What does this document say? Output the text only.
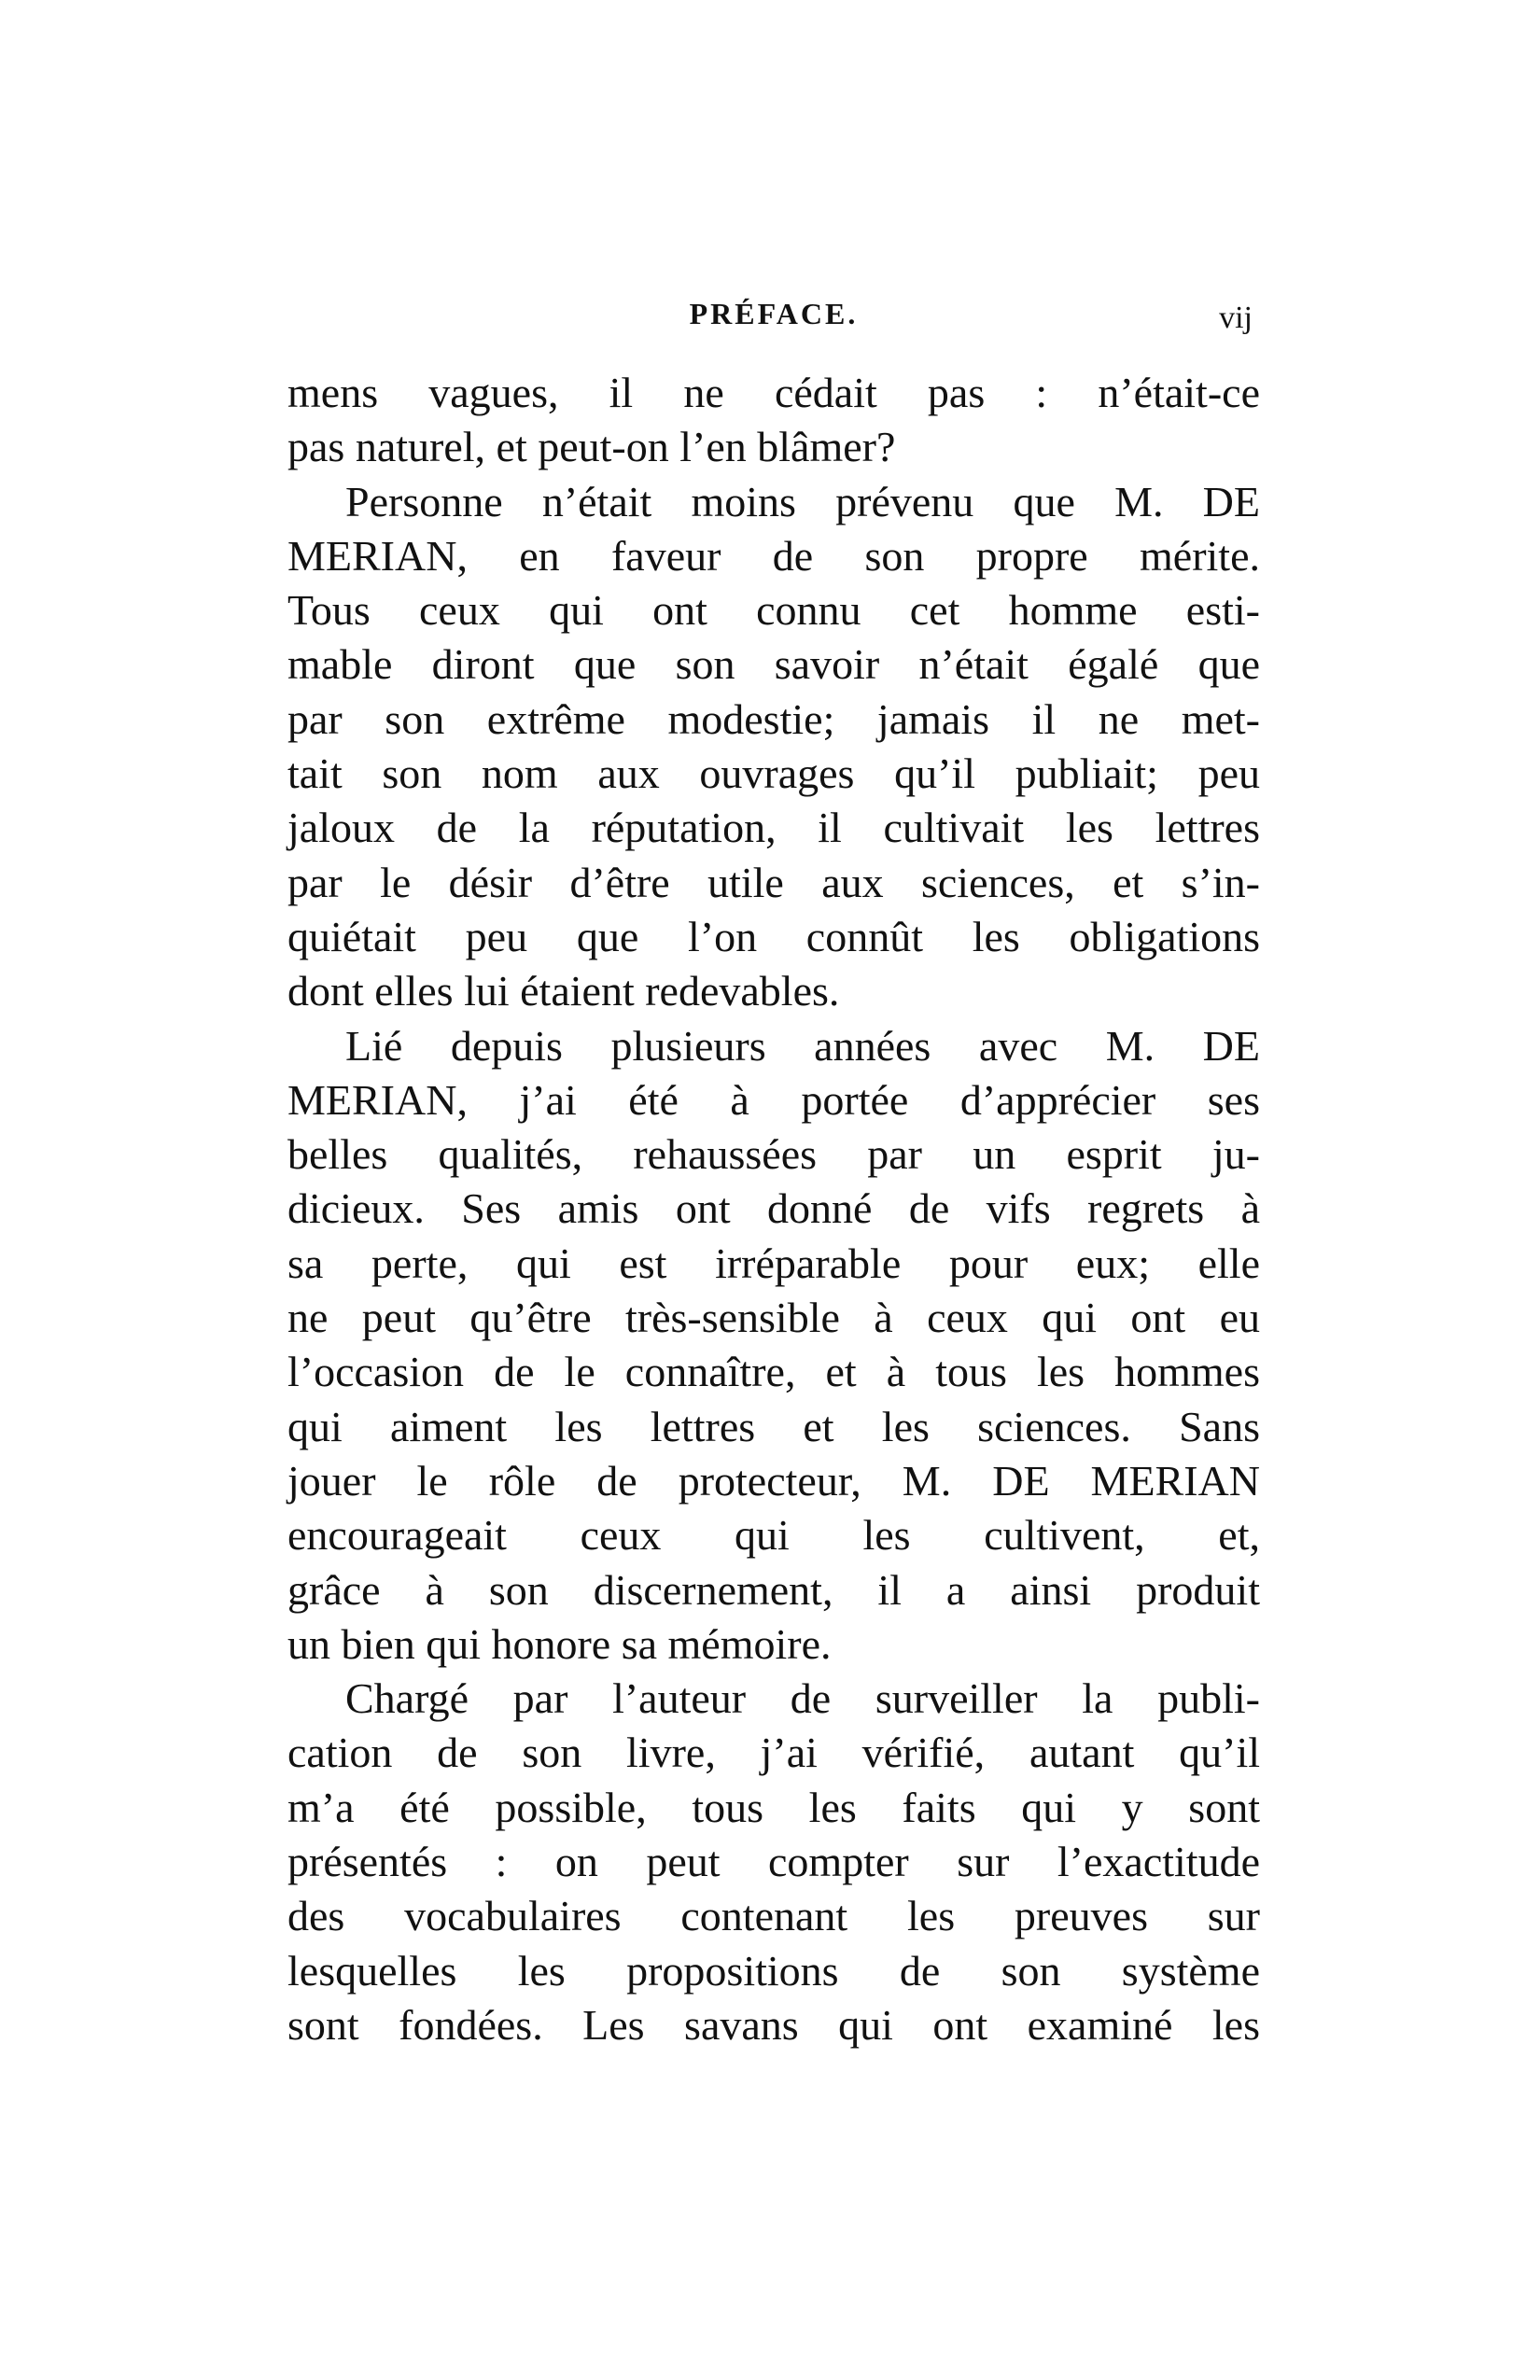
PRÉFACE.	vij
mens vagues, il ne cédait pas : n’était-ce
pas naturel, et peut-on l’en blâmer?
Personne n’était moins prévenu que M. DE
MERIAN, en faveur de son propre mérite.
Tous ceux qui ont connu cet homme esti-
mable diront que son savoir n’était égalé que
par son extrême modestie; jamais il ne met-
tait son nom aux ouvrages qu’il publiait; peu
jaloux de la réputation, il cultivait les lettres
par le désir d’être utile aux sciences, et s’in-
quiétait peu que l’on connût les obligations
dont elles lui étaient redevables.
Lié depuis plusieurs années avec M. DE
MERIAN, j’ai été à portée d’apprécier ses
belles qualités, rehaussées par un esprit ju-
dicieux. Ses amis ont donné de vifs regrets à
sa perte, qui est irréparable pour eux; elle
ne peut qu’être très-sensible à ceux qui ont eu
l’occasion de le connaître, et à tous les hommes
qui aiment les lettres et les sciences. Sans
jouer le rôle de protecteur, M. DE MERIAN
encourageait ceux qui les cultivent, et,
grâce à son discernement, il a ainsi produit
un bien qui honore sa mémoire.
Chargé par l’auteur de surveiller la publi-
cation de son livre, j’ai vérifié, autant qu’il
m’a été possible, tous les faits qui y sont
présentés : on peut compter sur l’exactitude
des vocabulaires contenant les preuves sur
lesquelles les propositions de son système
sont fondées. Les savans qui ont examiné les
